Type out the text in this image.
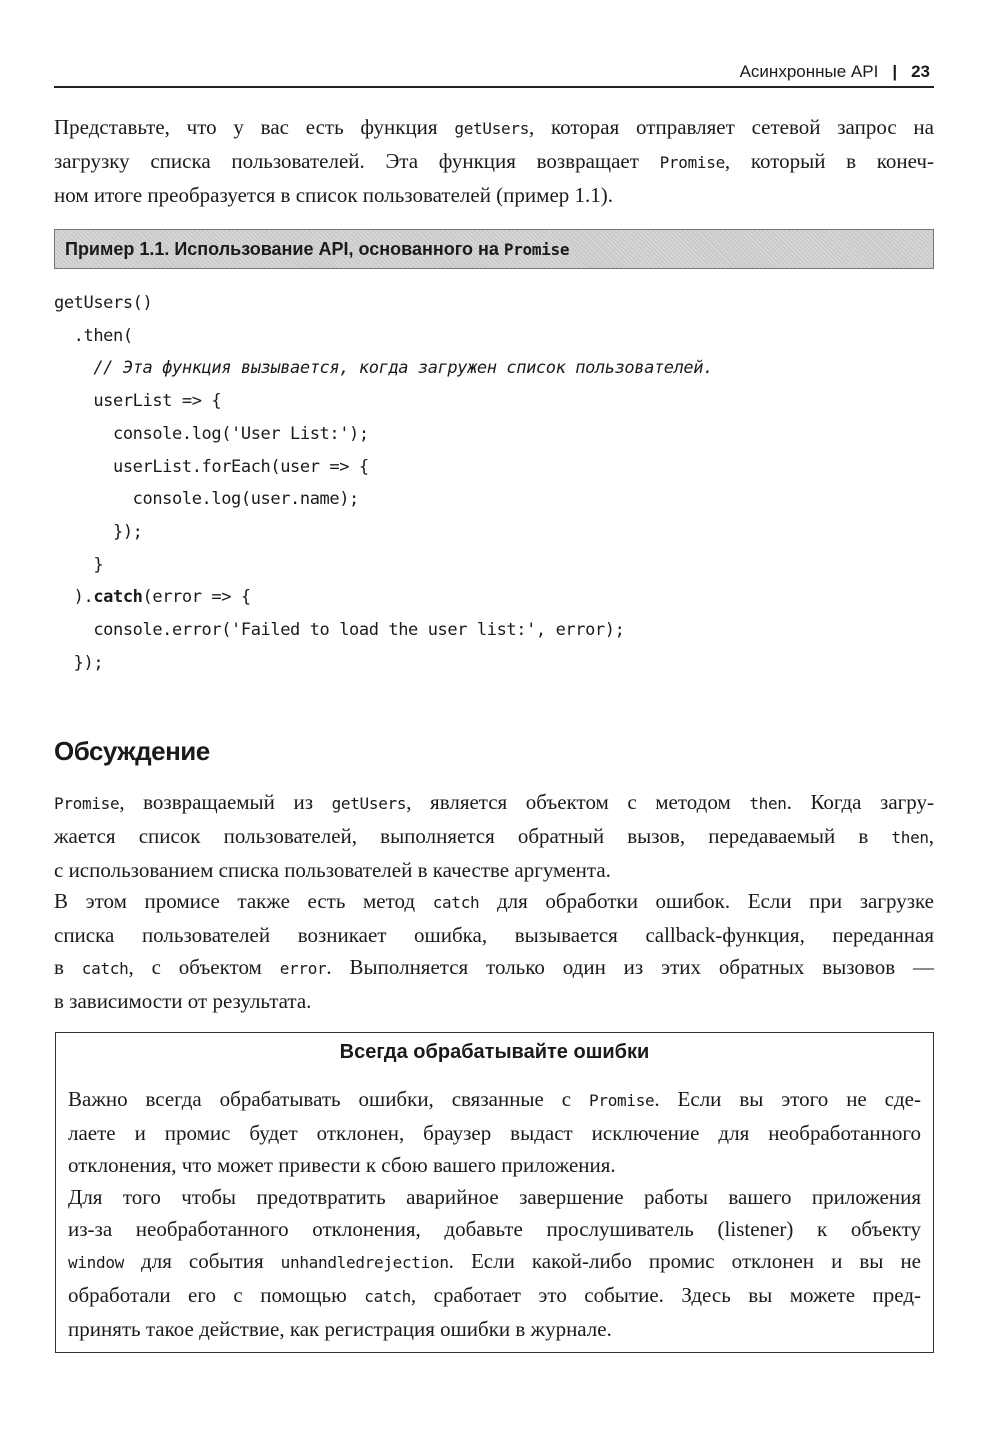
Асинхронные API | 23

Представьте, что у вас есть функция getUsers, которая отправляет сетевой запрос на
загрузку списка пользователей. Эта функция возвращает Promise, который в конеч-
ном итоге преобразуется в список пользователей (пример 1.1).

Пример 1.1. Использование API, основанного на Promise
getUsers()
.then(
// Эта функция вызывается, когда загружен список пользователей.
userList => {
console.log('User List:');
userList.forEach(user => {
console.log(user.name);
});
}
).catch(error => {
console.error('Failed to load the user list:', error);
});
Обсуждение

Promise, возвращаемый из getUsers, является объектом с методом then. Когда загру-
жается список пользователей, выполняется обратный вызов, передаваемый в then,
с использованием списка пользователей в качестве аргумента.

В этом промисе также есть метод catch для обработки ошибок. Если при загрузке
списка пользователей возникает ошибка, вызывается callback-функция, переданная
в catch, с объектом error. Выполняется только один из этих обратных вызовов —
в зависимости от результата.

Всегда обрабатывайте ошибки

Важно всегда обрабатывать ошибки, связанные с Promise. Если вы этого не сде-
лаете и промис будет отклонен, браузер выдаст исключение для необработанного
отклонения, что может привести к сбою вашего приложения.

Для того чтобы предотвратить аварийное завершение работы вашего приложения
из-за необработанного отклонения, добавьте прослушиватель (listener) к объекту
window для события unhandledrejection. Если какой-либо промис отклонен и вы не
обработали его с помощью catch, сработает это событие. Здесь вы можете пред-
принять такое действие, как регистрация ошибки в журнале.
